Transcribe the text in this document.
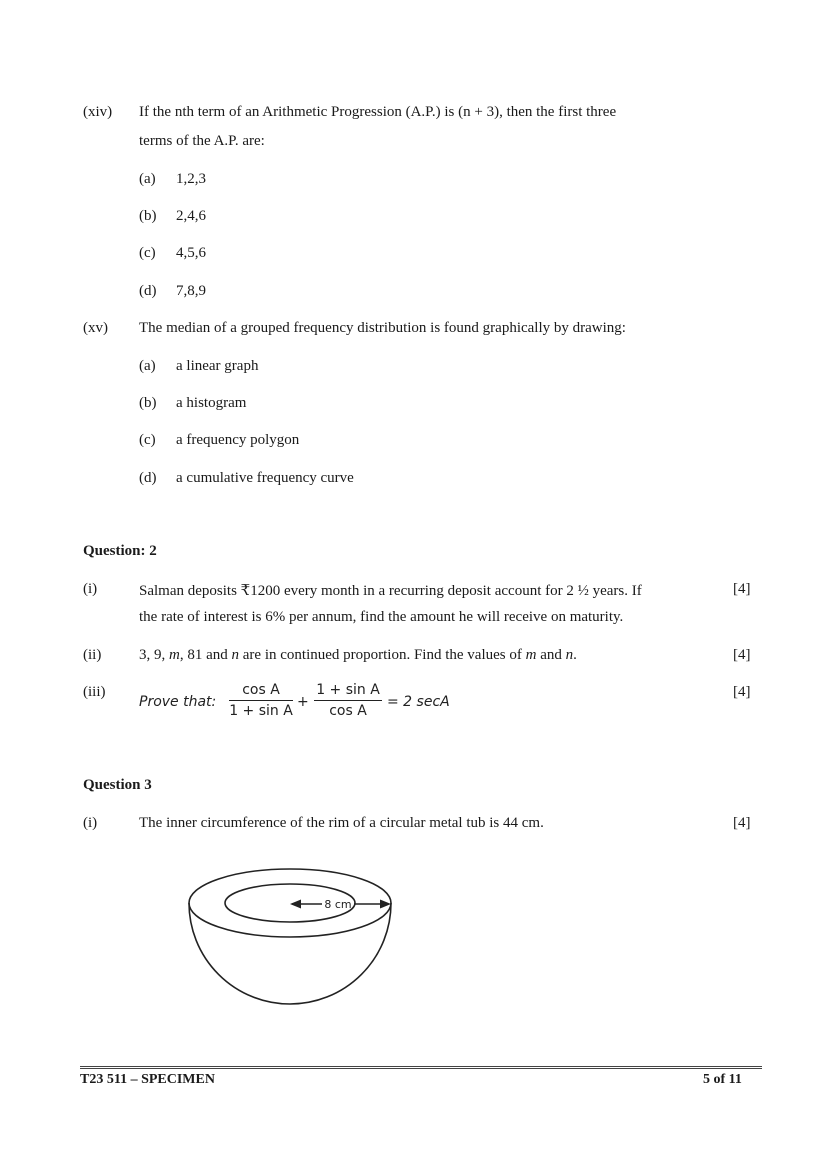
(xiv) If the nth term of an Arithmetic Progression (A.P.) is (n + 3), then the first three
terms of the A.P. are:
(a) 1,2,3
(b) 2,4,6
(c) 4,5,6
(d) 7,8,9
(xv) The median of a grouped frequency distribution is found graphically by drawing:
(a) a linear graph
(b) a histogram
(c) a frequency polygon
(d) a cumulative frequency curve
Question: 2
(i)	Salman deposits ₹1200 every month in a recurring deposit account for 2 ½ years. If
the rate of interest is 6% per annum, find the amount he will receive on maturity.
[4]
(ii)	3, 9, m, 81 and n are in continued proportion. Find the values of m and n.	[4]
(iii)
Prove that:
cos A
1 + sin A
+
1 + sin A
cos A
= 2 secA
[4]
Question 3
(i)	The inner circumference of the rim of a circular metal tub is 44 cm.	[4]
8 cm
T23 511 – SPECIMEN	5 of 11
